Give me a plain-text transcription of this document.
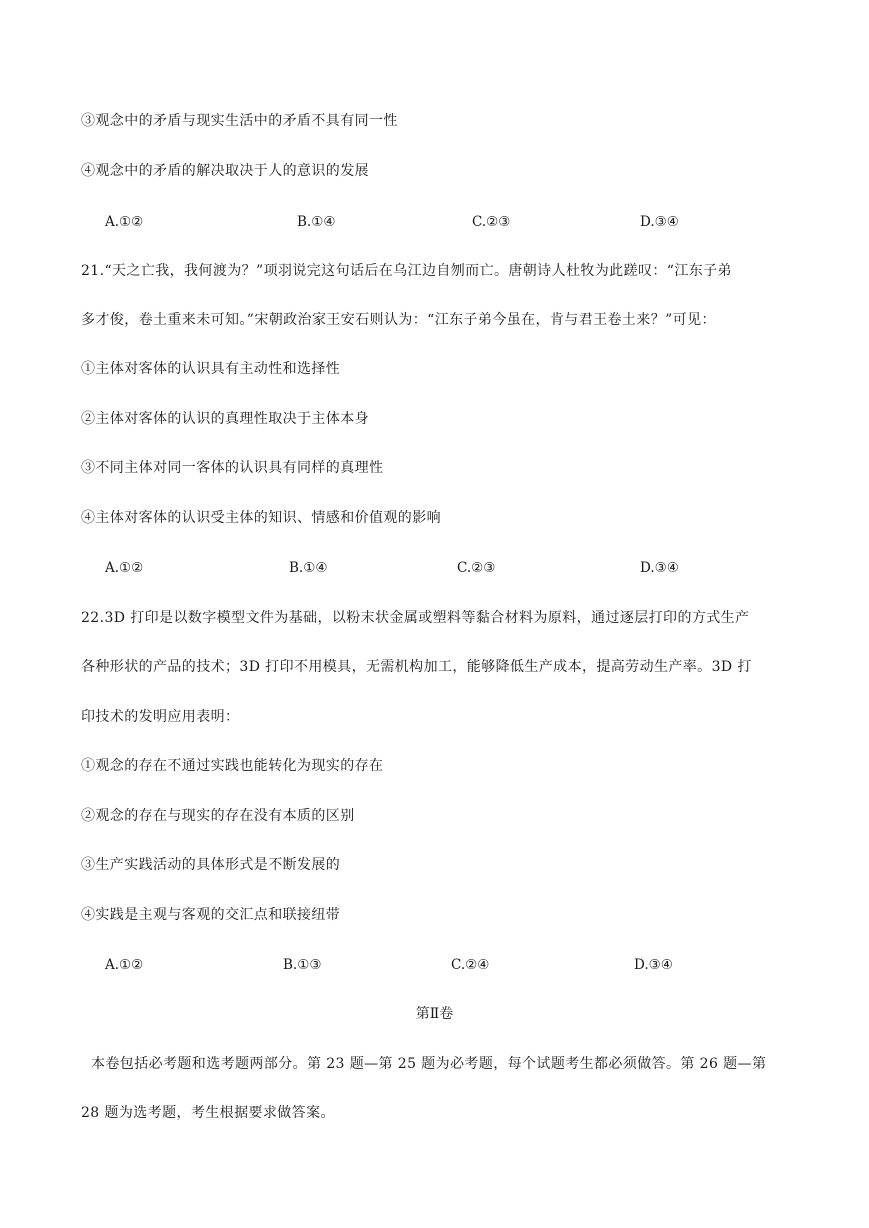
③观念中的矛盾与现实生活中的矛盾不具有同一性
④观念中的矛盾的解决取决于人的意识的发展
A.①②	B.①④	C.②③	D.③④
21.“天之亡我，我何渡为？”项羽说完这句话后在乌江边自刎而亡。唐朝诗人杜牧为此蹉叹：“江东子弟
多才俊，卷土重来未可知。”宋朝政治家王安石则认为：“江东子弟今虽在，肯与君王卷土来？”可见：
①主体对客体的认识具有主动性和选择性
②主体对客体的认识的真理性取决于主体本身
③不同主体对同一客体的认识具有同样的真理性
④主体对客体的认识受主体的知识、情感和价值观的影响
A.①②	B.①④	C.②③	D.③④
22.3D 打印是以数字模型文件为基础，以粉末状金属或塑料等黏合材料为原料，通过逐层打印的方式生产
各种形状的产品的技术；3D 打印不用模具，无需机构加工，能够降低生产成本，提高劳动生产率。3D 打
印技术的发明应用表明：
①观念的存在不通过实践也能转化为现实的存在
②观念的存在与现实的存在没有本质的区别
③生产实践活动的具体形式是不断发展的
④实践是主观与客观的交汇点和联接纽带
A.①②	B.①③	C.②④	D.③④
第Ⅱ卷
本卷包括必考题和选考题两部分。第 23 题—第 25 题为必考题，每个试题考生都必须做答。第 26 题—第
28 题为选考题，考生根据要求做答案。
